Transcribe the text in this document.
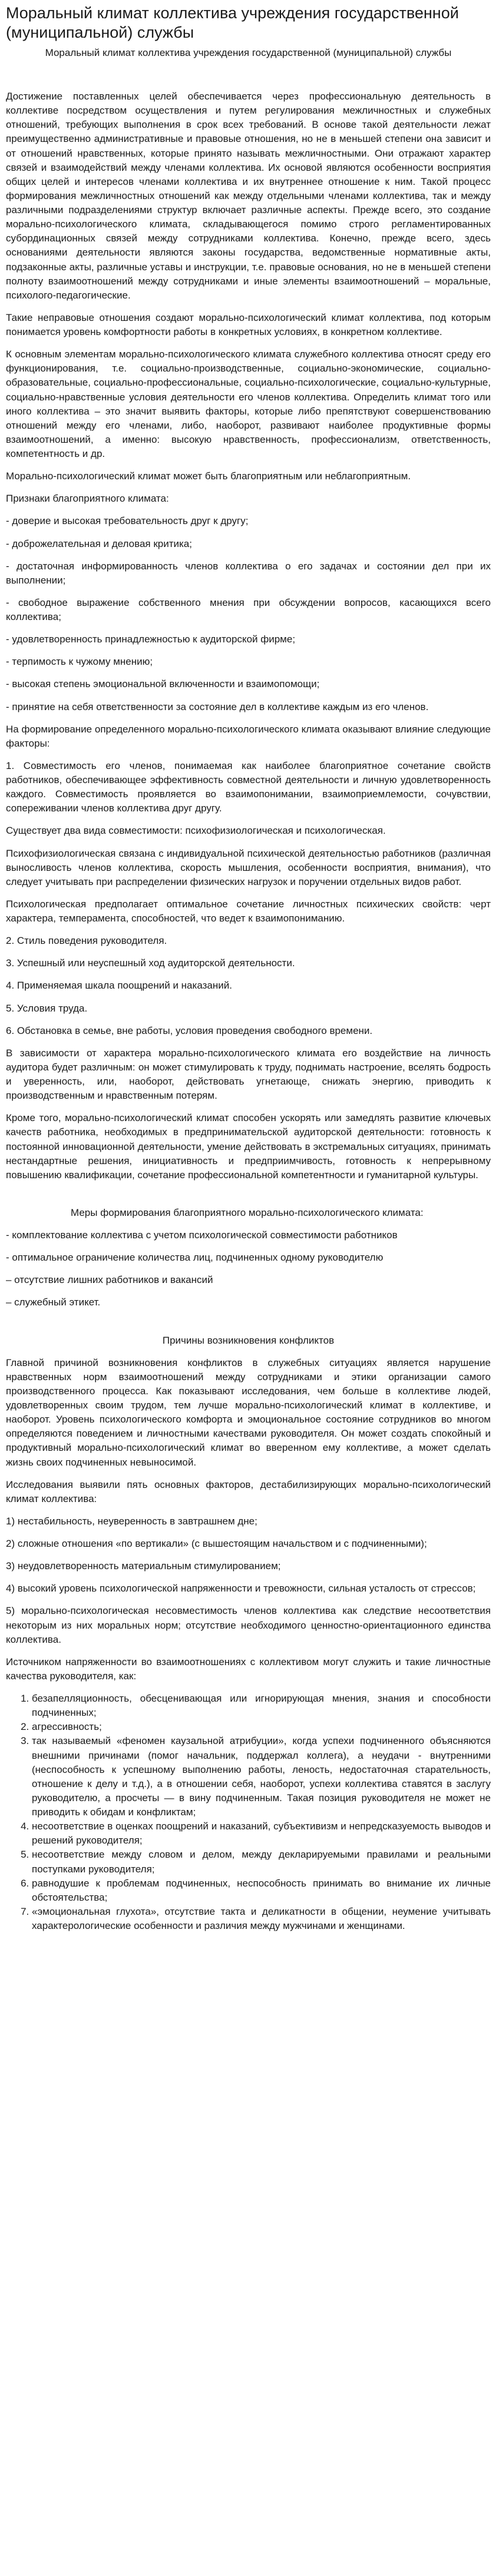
Моральный климат коллектива учреждения государственной (муниципальной) службы
Моральный климат коллектива учреждения государственной (муниципальной) службы

Достижение поставленных целей обеспечивается через профессиональную деятельность в коллективе посредством осуществления и путем регулирования межличностных и служебных отношений, требующих выполнения в срок всех требований. В основе такой деятельности лежат преимущественно административные и правовые отношения, но не в меньшей степени она зависит и от отношений нравственных, которые принято называть межличностными. Они отражают характер связей и взаимодействий между членами коллектива. Их основой являются особенности восприятия общих целей и интересов членами коллектива и их внутреннее отношение к ним. Такой процесс формирования межличностных отношений как между отдельными членами коллектива, так и между различными подразделениями структур включает различные аспекты. Прежде всего, это создание морально-психологического климата, складывающегося помимо строго регламентированных субординационных связей между сотрудниками коллектива. Конечно, прежде всего, здесь основаниями деятельности являются законы государства, ведомственные нормативные акты, подзаконные акты, различные уставы и инструкции, т.е. правовые основания, но не в меньшей степени полноту взаимоотношений между сотрудниками и иные элементы взаимоотношений – моральные, психолого-педагогические.

Такие неправовые отношения создают морально-психологический климат коллектива, под которым понимается уровень комфортности работы в конкретных условиях, в конкретном коллективе.

К основным элементам морально-психологического климата служебного коллектива относят среду его функционирования, т.е. социально-производственные, социально-экономические, социально-образовательные, социально-профессиональные, социально-психологические, социально-культурные, социально-нравственные условия деятельности его членов коллектива. Определить климат того или иного коллектива – это значит выявить факторы, которые либо препятствуют совершенствованию отношений между его членами, либо, наоборот, развивают наиболее продуктивные формы взаимоотношений, а именно: высокую нравственность, профессионализм, ответственность, компетентность и др.

Морально-психологический климат может быть благоприятным или неблагоприятным.

Признаки благоприятного климата:

- доверие и высокая требовательность друг к другу;

- доброжелательная и деловая критика;

- достаточная информированность членов коллектива о его задачах и состоянии дел при их выполнении;

- свободное выражение собственного мнения при обсуждении вопросов, касающихся всего коллектива;

- удовлетворенность принадлежностью к аудиторской фирме;

- терпимость к чужому мнению;

- высокая степень эмоциональной включенности и взаимопомощи;

- принятие на себя ответственности за состояние дел в коллективе каждым из его членов.

На формирование определенного морально-психологического климата оказывают влияние следующие факторы:

1. Совместимость его членов, понимаемая как наиболее благоприятное сочетание свойств работников, обеспечивающее эффективность совместной деятельности и личную удовлетворенность каждого. Совместимость проявляется во взаимопонимании, взаимоприемлемости, сочувствии, сопереживании членов коллектива друг другу.

Существует два вида совместимости: психофизиологическая и психологическая.

Психофизиологическая связана с индивидуальной психической деятельностью работников (различная выносливость членов коллектива, скорость мышления, особенности восприятия, внимания), что следует учитывать при распределении физических нагрузок и поручении отдельных видов работ.

Психологическая предполагает оптимальное сочетание личностных психических свойств: черт характера, темперамента, способностей, что ведет к взаимопониманию.

2. Стиль поведения руководителя.

3. Успешный или неуспешный ход аудиторской деятельности.

4. Применяемая шкала поощрений и наказаний.

5. Условия труда.

6. Обстановка в семье, вне работы, условия проведения свободного времени.

В зависимости от характера морально-психологического климата его воздействие на личность аудитора будет различным: он может стимулировать к труду, поднимать настроение, вселять бодрость и уверенность, или, наоборот, действовать угнетающе, снижать энергию, приводить к производственным и нравственным потерям.

Кроме того, морально-психологический климат способен ускорять или замедлять развитие ключевых качеств работника, необходимых в предпринимательской аудиторской деятельности: готовность к постоянной инновационной деятельности, умение действовать в экстремальных ситуациях, принимать нестандартные решения, инициативность и предприимчивость, готовность к непрерывному повышению квалификации, сочетание профессиональной компетентности и гуманитарной культуры.

Меры формирования благоприятного морально-психологического климата:

- комплектование коллектива с учетом психологической совместимости работников

- оптимальное ограничение количества лиц, подчиненных одному руководителю

– отсутствие лишних работников и вакансий

– служебный этикет.

Причины возникновения конфликтов

Главной причиной возникновения конфликтов в служебных ситуациях является нарушение нравственных норм взаимоотношений между сотрудниками и этики организации самого производственного процесса. Как показывают исследования, чем больше в коллективе людей, удовлетворенных своим трудом, тем лучше морально-психологический климат в коллективе, и наоборот. Уровень психологического комфорта и эмоциональное состояние сотрудников во многом определяются поведением и личностными качествами руководителя. Он может создать спокойный и продуктивный морально-психологический климат во вверенном ему коллективе, а может сделать жизнь своих подчиненных невыносимой.

Исследования выявили пять основных факторов, дестабилизирующих морально-психологический климат коллектива:

1) нестабильность, неуверенность в завтрашнем дне;

2) сложные отношения «по вертикали» (с вышестоящим начальством и с подчиненными);

3) неудовлетворенность материальным стимулированием;

4) высокий уровень психологической напряженности и тревожности, сильная усталость от стрессов;

5) морально-психологическая несовместимость членов коллектива как следствие несоответствия некоторым из них моральных норм; отсутствие необходимого ценностно-ориентационного единства коллектива.

Источником напряженности во взаимоотношениях с коллективом могут служить и такие личностные качества руководителя, как:

1. безапелляционность, обесценивающая или игнорирующая мнения, знания и способности подчиненных;
2. агрессивность;
3. так называемый «феномен каузальной атрибуции», когда успехи подчиненного объясняются внешними причинами (помог начальник, поддержал коллега), а неудачи - внутренними (неспособность к успешному выполнению работы, леность, недостаточная старательность, отношение к делу и т.д.), а в отношении себя, наоборот, успехи коллектива ставятся в заслугу руководителю, а просчеты — в вину подчиненным. Такая позиция руководителя не может не приводить к обидам и конфликтам;
4. несоответствие в оценках поощрений и наказаний, субъективизм и непредсказуемость выводов и решений руководителя;
5. несоответствие между словом и делом, между декларируемыми правилами и реальными поступками руководителя;
6. равнодушие к проблемам подчиненных, неспособность принимать во внимание их личные обстоятельства;
7. «эмоциональная глухота», отсутствие такта и деликатности в общении, неумение учитывать характерологические особенности и различия между мужчинами и женщинами.
